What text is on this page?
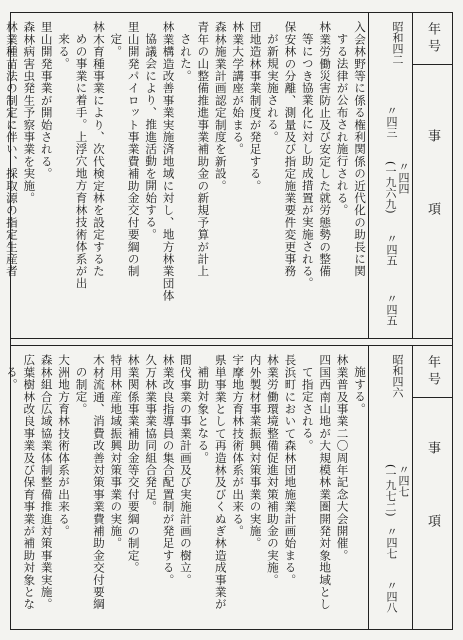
年号
事項
昭和四二
〃四三
〃四四
(一九六九)
〃四五
〃四五

入会林野等に係る権利関係の近代化の助長に関

する法律が公布され施行される。

林業労働災害防止及び安定した就労態勢の整備

等につき協業化に対し助成措置が実施される。

保安林の分離、測量及び指定施業要件変更事務

が新規実施される。

団地造林事業制度が発足する。

林業大学講座が始まる。

森林施業計画認定制度を新設。

青年の山整備推進事業補助金の新規予算が計上

された。

林業構造改善事業実施済地域に対し、地方林業団体

協議会により、推進活動を開始する。

里山開発パイロット事業費補助金交付要綱の制

定。

林木育種事業により、次代検定林を設定するた

めの事業に着手。上浮穴地方育林技術体系が出

来る。

里山開発事業が開始される。

森林病害虫発生予察事業を実施。

林業種苗法の制定に伴い、採取源の指定生産者

年号
事項
昭和四六
〃四七
(一九七二)
〃四七
〃四八

施する。

林業普及事業二〇周年記念大会開催。

四国西南山地が大規模林業圏開発対象地域とし

て指定される。

長浜町において森林団地施業計画始まる。

林業労働環境整備促進対策補助金の実施。

内外製材事業振興対策事業の実施。

宇摩地方育林技術体系が出来る。

県単事業として再造林及びくぬぎ林造成事業が

補助対象となる。

間伐事業の事業計画及び実施計画の樹立。

林業改良指導員の集合配置制が発足する。

久万林業事業協同組合発足。

林業関係事業補助金等交付要綱の制定。

特用林産地域振興対策事業の実施。

木材流通、消費改善対策事業費補助金交付要綱

の制定。

大洲地方育林技術体系が出来る。

森林組合広域協業体制整備推進対策事業実施。

広葉樹林改良事業及び保育事業が補助対象とな

る。
